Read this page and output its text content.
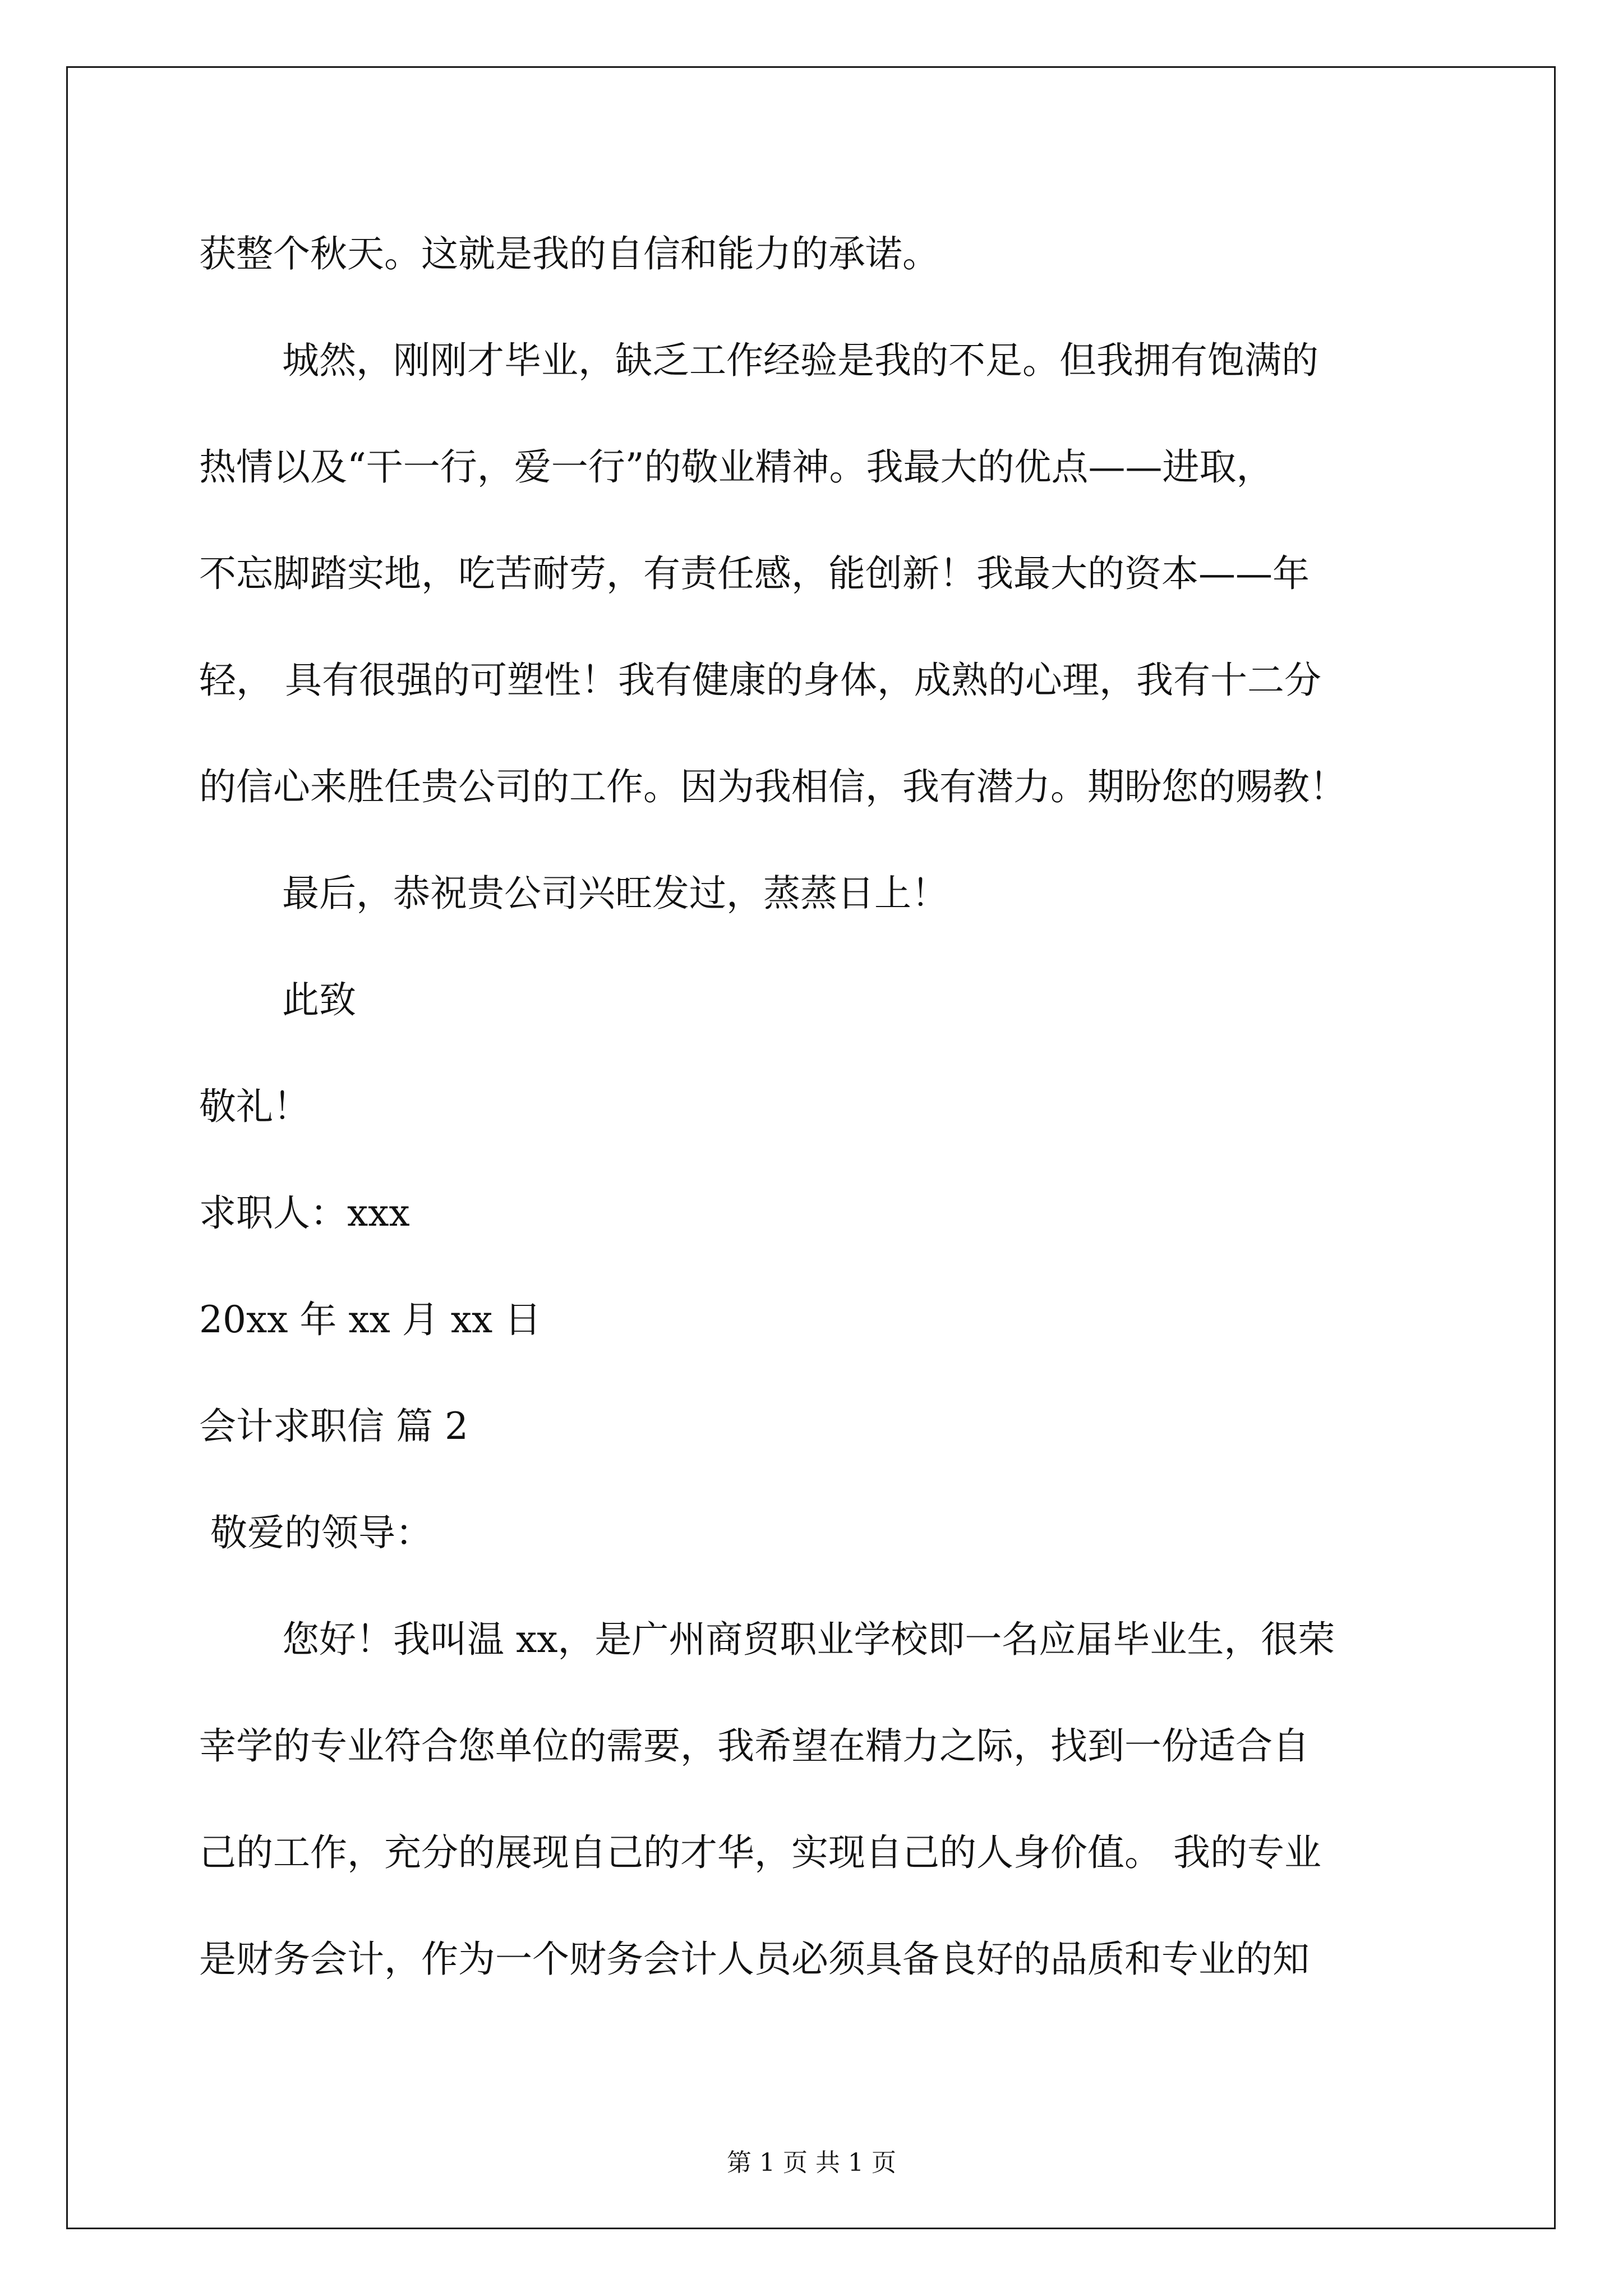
获整个秋天。这就是我的自信和能力的承诺。
城然，刚刚才毕业，缺乏工作经验是我的不足。但我拥有饱满的
热情以及“干一行，爱一行”的敬业精神。我最大的优点——进取，
不忘脚踏实地，吃苦耐劳，有责任感，能创新！我最大的资本——年
轻， 具有很强的可塑性！我有健康的身体，成熟的心理，我有十二分
的信心来胜任贵公司的工作。因为我相信，我有潜力。期盼您的赐教！
最后，恭祝贵公司兴旺发过，蒸蒸日上！
此致
敬礼！
求职人：xxx
20xx 年 xx 月 xx 日
会计求职信 篇 2
敬爱的领导：
您好！我叫温 xx，是广州商贸职业学校即一名应届毕业生，很荣
幸学的专业符合您单位的需要，我希望在精力之际，找到一份适合自
己的工作，充分的展现自己的才华，实现自己的人身价值。 我的专业
是财务会计，作为一个财务会计人员必须具备良好的品质和专业的知
第 1 页 共 1 页
